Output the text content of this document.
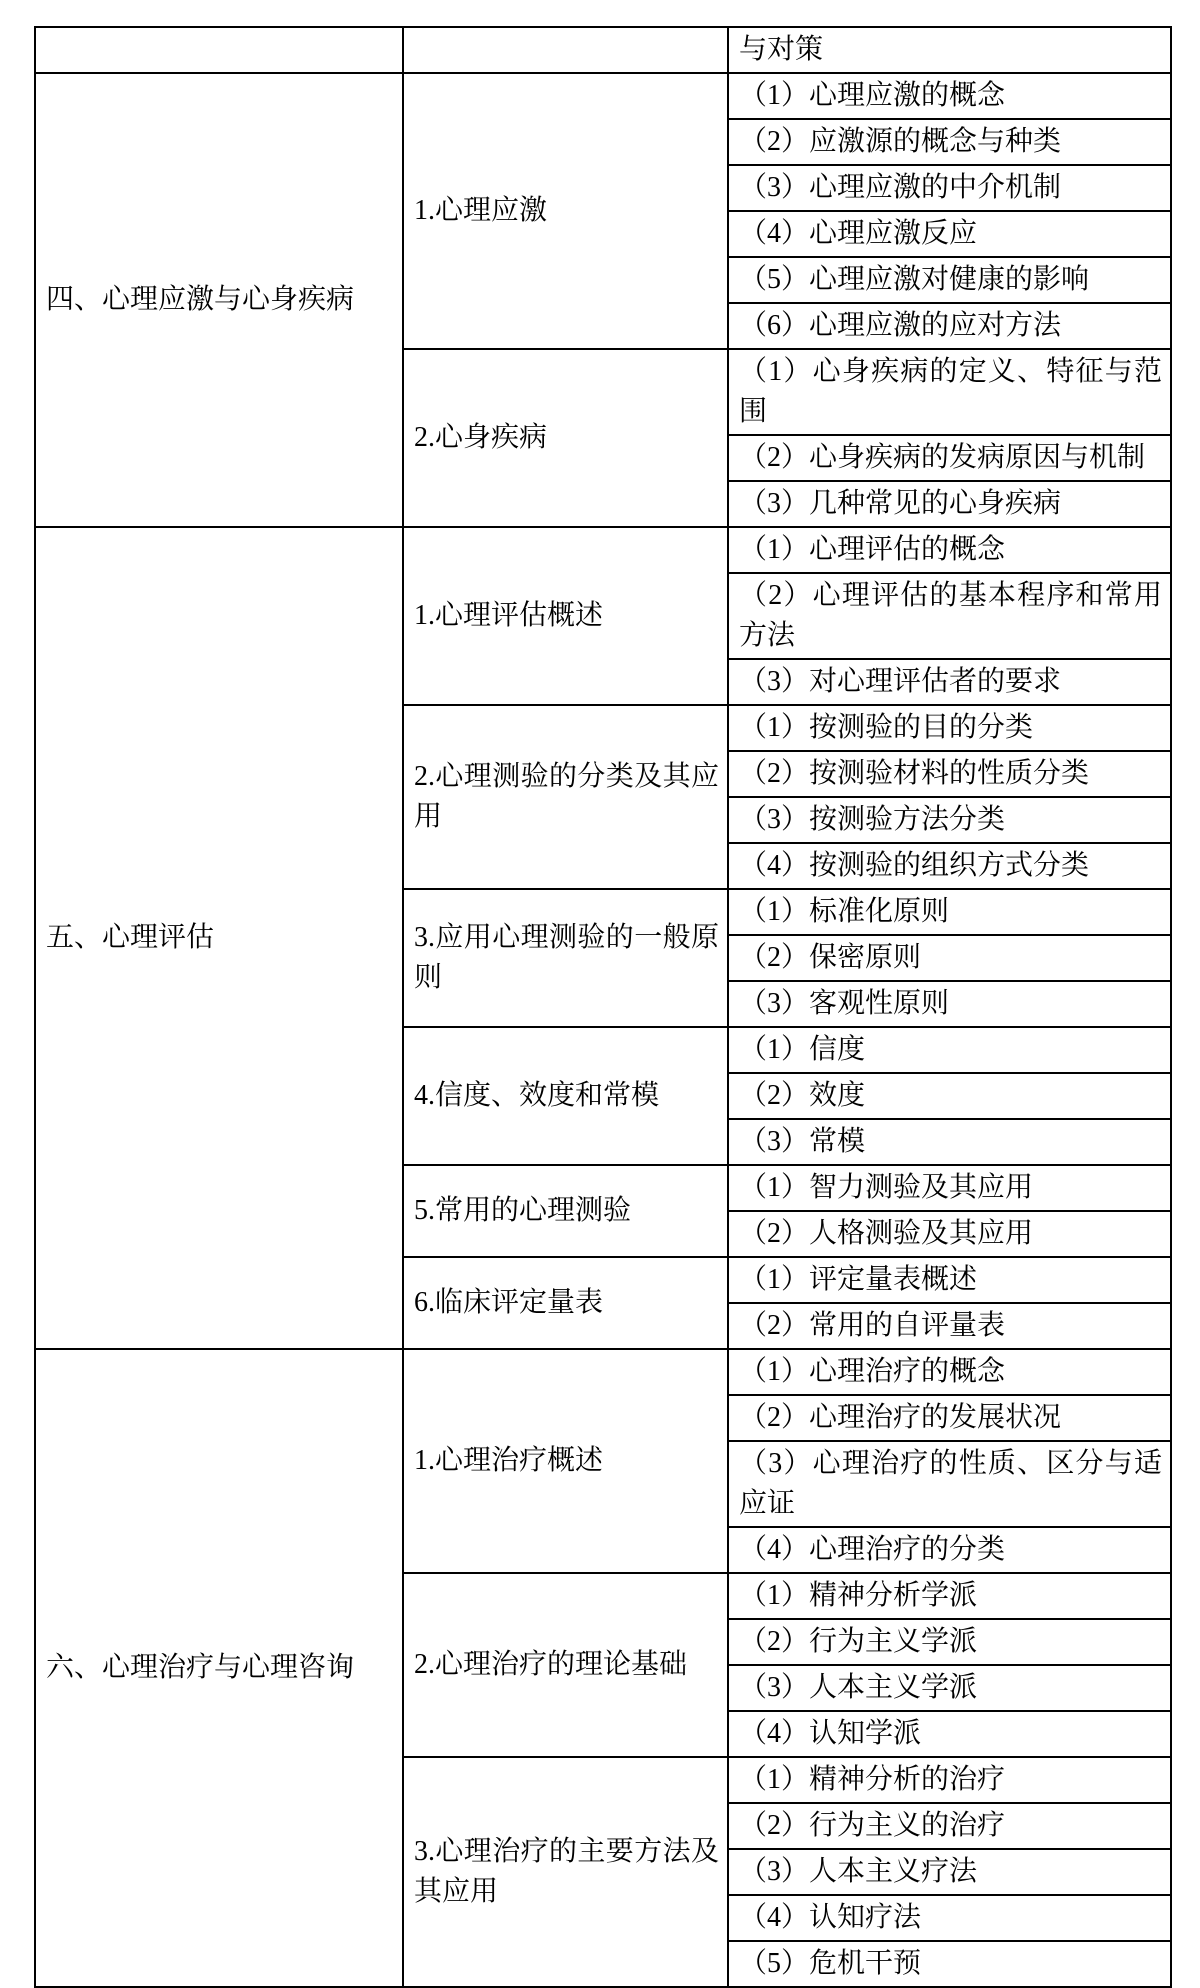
		与对策
四、心理应激与心身疾病	1.心理应激	（1）心理应激的概念
		（2）应激源的概念与种类
		（3）心理应激的中介机制
		（4）心理应激反应
		（5）心理应激对健康的影响
		（6）心理应激的应对方法
	2.心身疾病	（1）心身疾病的定义、特征与范围
		（2）心身疾病的发病原因与机制
		（3）几种常见的心身疾病
五、心理评估	1.心理评估概述	（1）心理评估的概念
		（2）心理评估的基本程序和常用方法
		（3）对心理评估者的要求
	2.心理测验的分类及其应用	（1）按测验的目的分类
		（2）按测验材料的性质分类
		（3）按测验方法分类
		（4）按测验的组织方式分类
	3.应用心理测验的一般原则	（1）标准化原则
		（2）保密原则
		（3）客观性原则
	4.信度、效度和常模	（1）信度
		（2）效度
		（3）常模
	5.常用的心理测验	（1）智力测验及其应用
		（2）人格测验及其应用
	6.临床评定量表	（1）评定量表概述
		（2）常用的自评量表
六、心理治疗与心理咨询	1.心理治疗概述	（1）心理治疗的概念
		（2）心理治疗的发展状况
		（3）心理治疗的性质、区分与适应证
		（4）心理治疗的分类
	2.心理治疗的理论基础	（1）精神分析学派
		（2）行为主义学派
		（3）人本主义学派
		（4）认知学派
	3.心理治疗的主要方法及其应用	（1）精神分析的治疗
		（2）行为主义的治疗
		（3）人本主义疗法
		（4）认知疗法
		（5）危机干预
